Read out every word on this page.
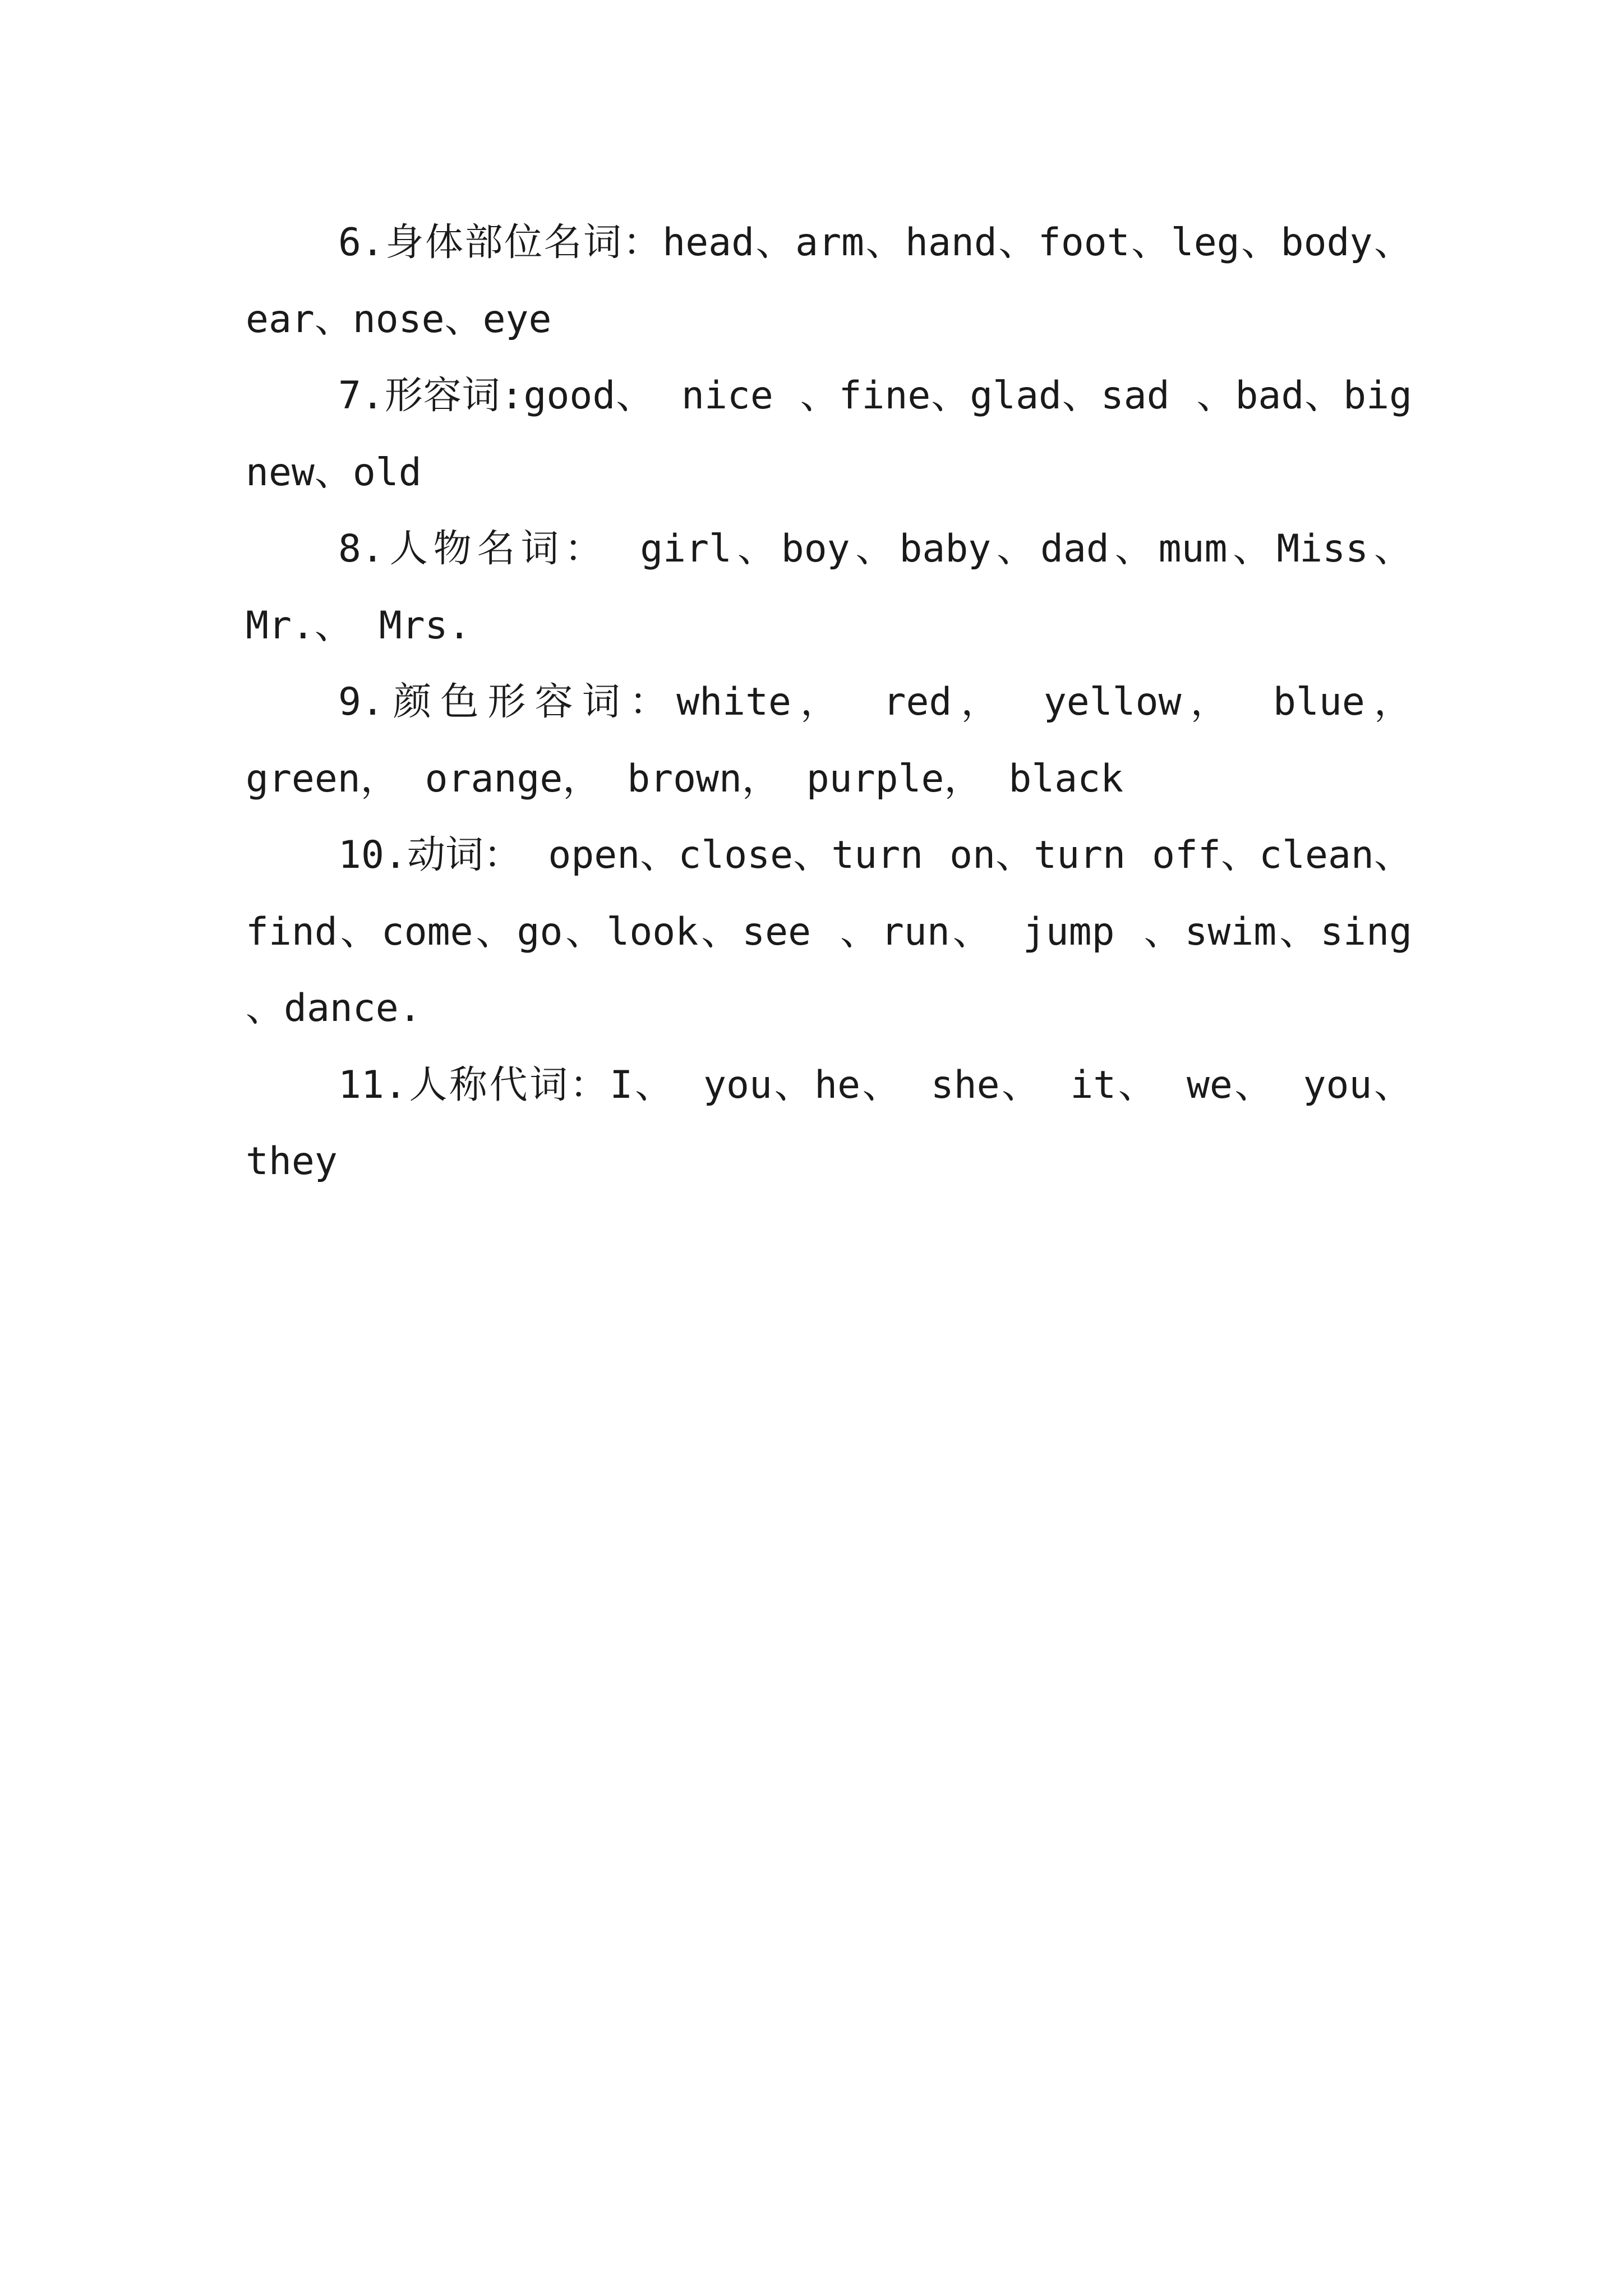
6.身体部位名词：head、arm、hand、foot、leg、body、ear、nose、eye

7.形容词:good、 nice 、fine、glad、sad 、bad、big new、old

8.人物名词： girl、boy、baby、dad、mum、Miss、Mr.、 Mrs.

9.颜色形容词：white， red， yellow， blue， green， orange， brown， purple， black

10.动词： open、close、turn on、turn off、clean、find、come、go、look、see 、run、 jump 、swim、sing 、dance.

11.人称代词：I、 you、he、 she、 it、 we、 you、they
